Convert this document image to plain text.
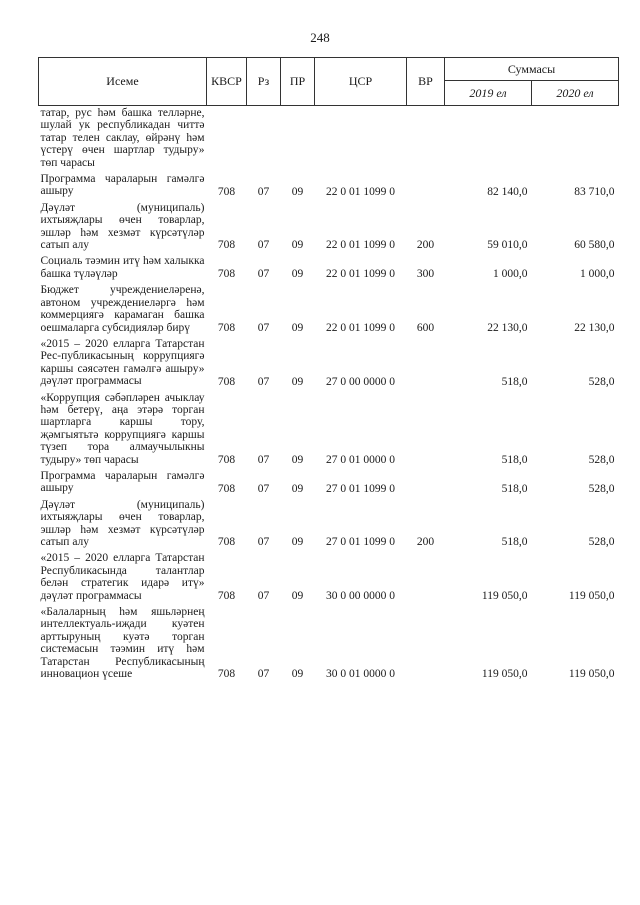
248
Исеме	КВСР	Рз	ПР	ЦСР	ВР	Суммасы	
						2019 ел	2020 ел
татар, рус һәм башка телләрне, шулай ук республикадан читтә татар телен саклау, өйрәнү һәм үстерү өчен шартлар тудыру» төп чарасы							
Программа чараларын гамәлгә ашыру	708	07	09	22 0 01 1099 0		82 140,0	83 710,0
Дәүләт (муниципаль) ихтыяҗлары өчен товарлар, эшләр һәм хезмәт күрсәтүләр сатып алу	708	07	09	22 0 01 1099 0	200	59 010,0	60 580,0
Социаль тәэмин итү һәм халыкка башка түләүләр	708	07	09	22 0 01 1099 0	300	1 000,0	1 000,0
Бюджет учреждениеләренә, автоном учреждениеләргә һәм коммерциягә карамаган башка оешмаларга субсидияләр бирү	708	07	09	22 0 01 1099 0	600	22 130,0	22 130,0
«2015 – 2020 елларга Татарстан Рес-публикасының коррупциягә каршы сәясәтен гамәлгә ашыру» дәүләт программасы	708	07	09	27 0 00 0000 0		518,0	528,0
«Коррупция сәбәпләрен ачыклау һәм бетерү, аңа этәрә торган шартларга каршы тору, җәмгыятьтә коррупциягә каршы түзеп тора алмаучылыкны тудыру» төп чарасы	708	07	09	27 0 01 0000 0		518,0	528,0
Программа чараларын гамәлгә ашыру	708	07	09	27 0 01 1099 0		518,0	528,0
Дәүләт (муниципаль) ихтыяҗлары өчен товарлар, эшләр һәм хезмәт күрсәтүләр сатып алу	708	07	09	27 0 01 1099 0	200	518,0	528,0
«2015 – 2020 елларга Татарстан Республикасында талантлар белән стратегик идарә итү» дәүләт программасы	708	07	09	30 0 00 0000 0		119 050,0	119 050,0
«Балаларның һәм яшьләрнең интеллектуаль-иҗади куәтен арттыруның куәтә торган системасын тәэмин итү һәм Татарстан Республикасының инновацион үсеше	708	07	09	30 0 01 0000 0		119 050,0	119 050,0
